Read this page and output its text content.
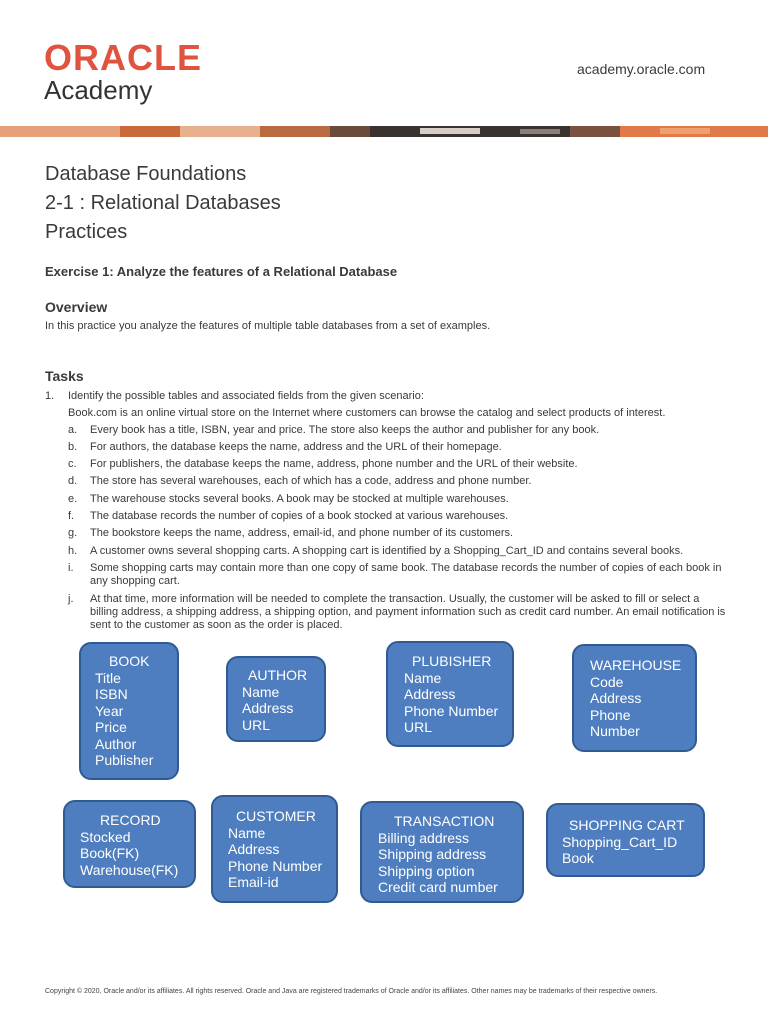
ORACLE
Academy
academy.oracle.com
Database Foundations
2-1 : Relational Databases
Practices
Exercise 1: Analyze the features of a Relational Database
Overview
In this practice you analyze the features of multiple table databases from a set of examples.
Tasks
1. Identify the possible tables and associated fields from the given scenario:
Book.com is an online virtual store on the Internet where customers can browse the catalog and select products of interest.
a. Every book has a title, ISBN, year and price. The store also keeps the author and publisher for any book.
b. For authors, the database keeps the name, address and the URL of their homepage.
c. For publishers, the database keeps the name, address, phone number and the URL of their website.
d. The store has several warehouses, each of which has a code, address and phone number.
e. The warehouse stocks several books. A book may be stocked at multiple warehouses.
f. The database records the number of copies of a book stocked at various warehouses.
g. The bookstore keeps the name, address, email-id, and phone number of its customers.
h. A customer owns several shopping carts. A shopping cart is identified by a Shopping_Cart_ID and contains several books.
i. Some shopping carts may contain more than one copy of same book. The database records the number of copies of each book in any shopping cart.
j. At that time, more information will be needed to complete the transaction. Usually, the customer will be asked to fill or select a billing address, a shipping address, a shipping option, and payment information such as credit card number. An email notification is sent to the customer as soon as the order is placed.
BOOK
Title
ISBN
Year
Price
Author
Publisher
AUTHOR
Name
Address
URL
PLUBISHER
Name
Address
Phone Number
URL
WAREHOUSE
Code
Address
Phone
Number
RECORD
Stocked
Book(FK)
Warehouse(FK)
CUSTOMER
Name
Address
Phone Number
Email-id
TRANSACTION
Billing address
Shipping address
Shipping option
Credit card number
SHOPPING CART
Shopping_Cart_ID
Book
Copyright © 2020, Oracle and/or its affiliates. All rights reserved. Oracle and Java are registered trademarks of Oracle and/or its affiliates. Other names may be trademarks of their respective owners.
